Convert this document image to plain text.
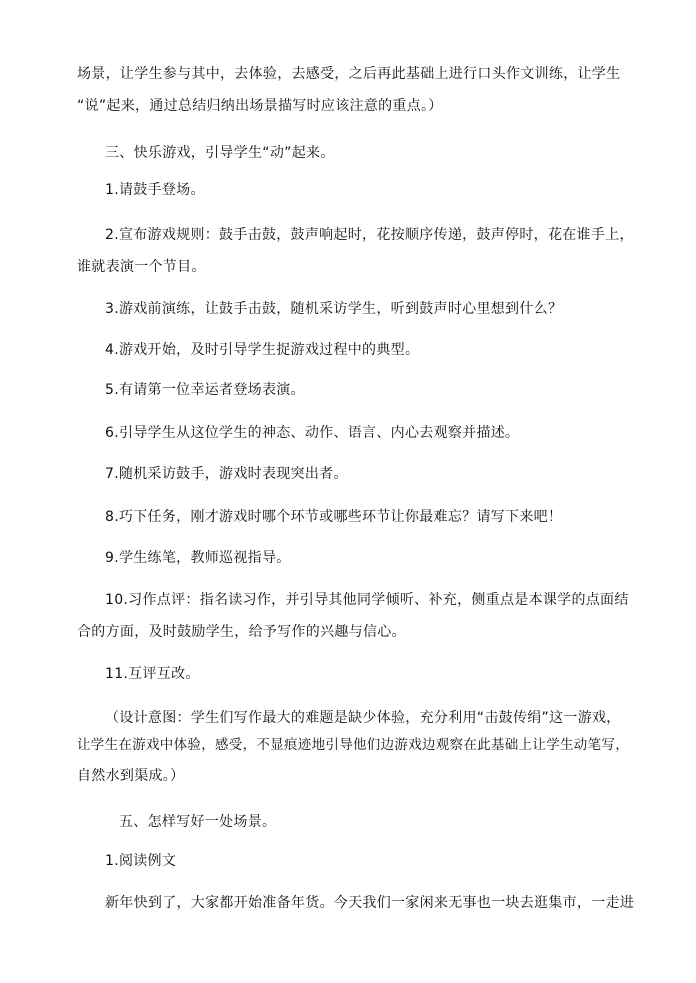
场景，让学生参与其中，去体验，去感受，之后再此基础上进行口头作文训练，让学生
“说”起来，通过总结归纳出场景描写时应该注意的重点。）
三、快乐游戏，引导学生“动”起来。
1.请鼓手登场。
2.宣布游戏规则：鼓手击鼓，鼓声响起时，花按顺序传递，鼓声停时，花在谁手上，
谁就表演一个节目。
3.游戏前演练，让鼓手击鼓，随机采访学生，听到鼓声时心里想到什么？
4.游戏开始，及时引导学生捉游戏过程中的典型。
5.有请第一位幸运者登场表演。
6.引导学生从这位学生的神态、动作、语言、内心去观察并描述。
7.随机采访鼓手，游戏时表现突出者。
8.巧下任务，刚才游戏时哪个环节或哪些环节让你最难忘？请写下来吧！
9.学生练笔，教师巡视指导。
10.习作点评：指名读习作，并引导其他同学倾听、补充，侧重点是本课学的点面结
合的方面，及时鼓励学生，给予写作的兴趣与信心。
11.互评互改。
（设计意图：学生们写作最大的难题是缺少体验，充分利用“击鼓传绢”这一游戏，
让学生在游戏中体验，感受，不显痕迹地引导他们边游戏边观察在此基础上让学生动笔写，
自然水到渠成。）
五、怎样写好一处场景。
1.阅读例文
新年快到了，大家都开始准备年货。今天我们一家闲来无事也一块去逛集市，一走进
